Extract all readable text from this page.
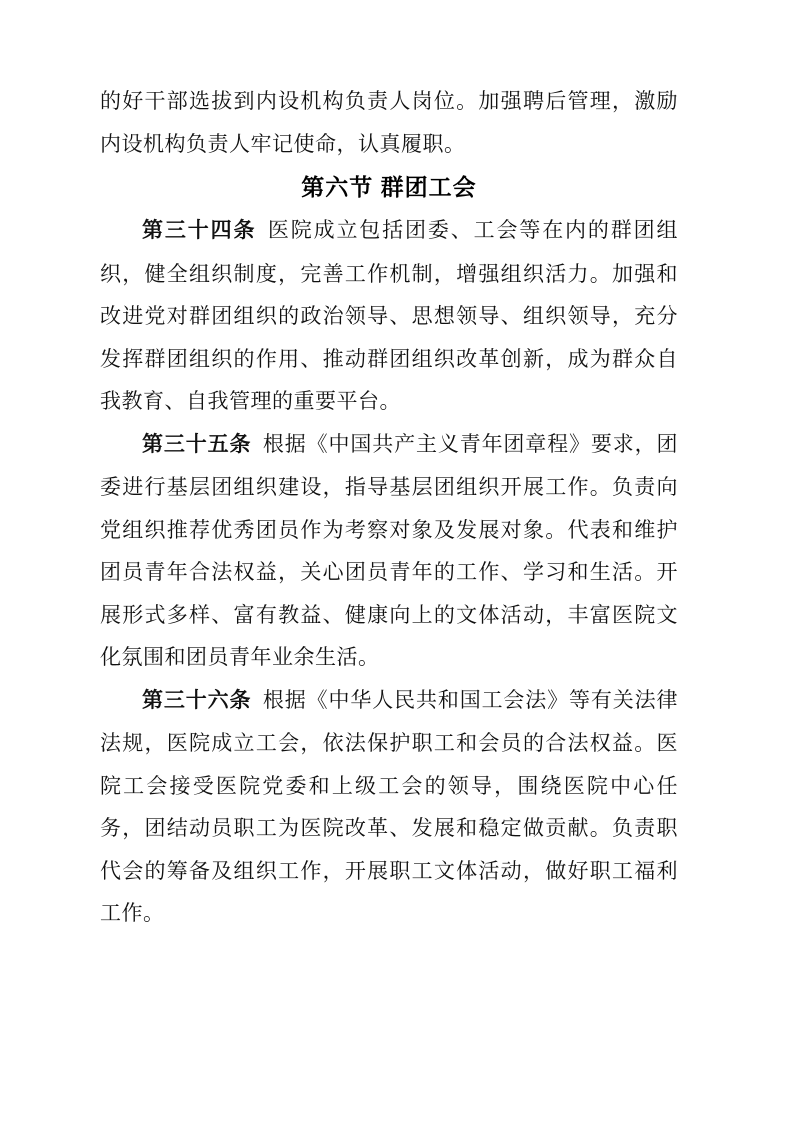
的好干部选拔到内设机构负责人岗位。加强聘后管理，激励内设机构负责人牢记使命，认真履职。

第六节 群团工会

第三十四条 医院成立包括团委、工会等在内的群团组织，健全组织制度，完善工作机制，增强组织活力。加强和改进党对群团组织的政治领导、思想领导、组织领导，充分发挥群团组织的作用、推动群团组织改革创新，成为群众自我教育、自我管理的重要平台。

第三十五条 根据《中国共产主义青年团章程》要求，团委进行基层团组织建设，指导基层团组织开展工作。负责向党组织推荐优秀团员作为考察对象及发展对象。代表和维护团员青年合法权益，关心团员青年的工作、学习和生活。开展形式多样、富有教益、健康向上的文体活动，丰富医院文化氛围和团员青年业余生活。

第三十六条 根据《中华人民共和国工会法》等有关法律法规，医院成立工会，依法保护职工和会员的合法权益。医院工会接受医院党委和上级工会的领导，围绕医院中心任务，团结动员职工为医院改革、发展和稳定做贡献。负责职代会的筹备及组织工作，开展职工文体活动，做好职工福利工作。
